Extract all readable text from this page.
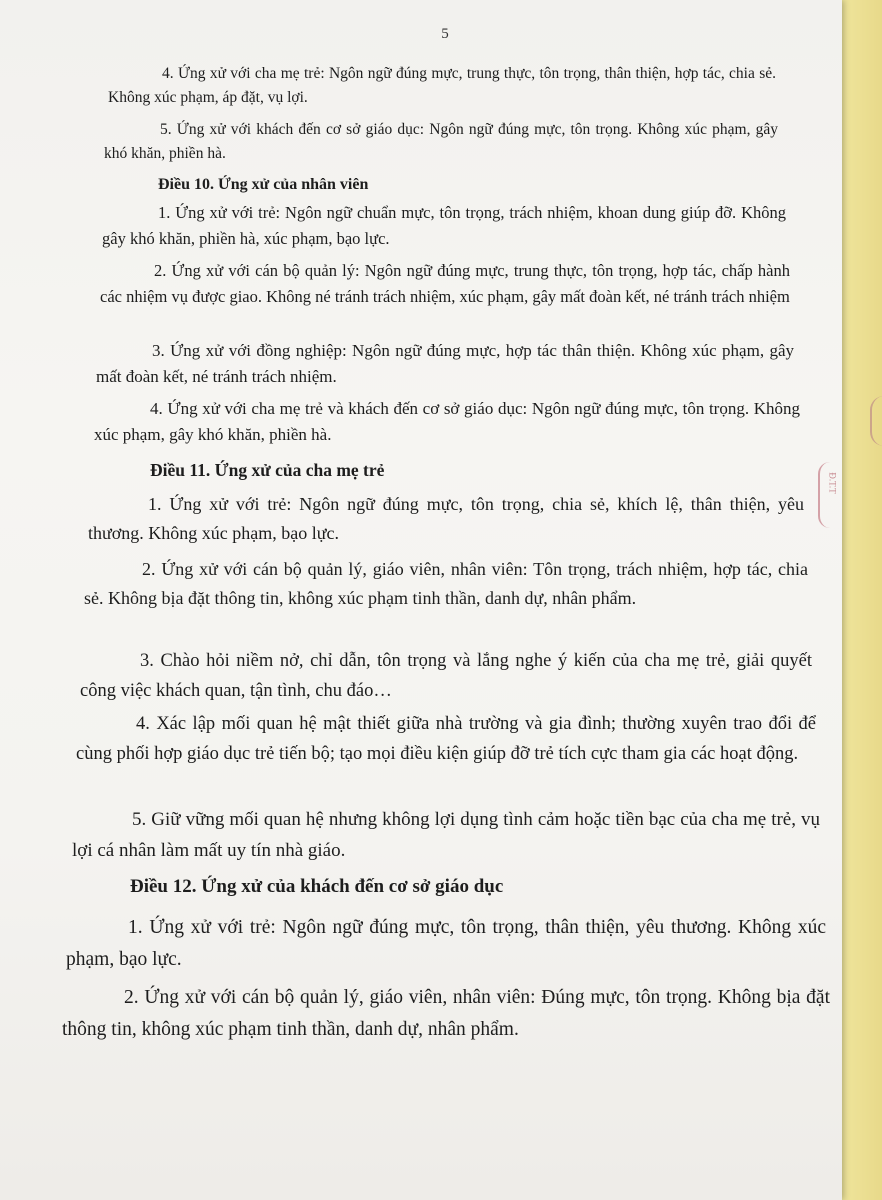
5

4. Ứng xử với cha mẹ trẻ: Ngôn ngữ đúng mực, trung thực, tôn trọng, thân thiện, hợp tác, chia sẻ. Không xúc phạm, áp đặt, vụ lợi.

5. Ứng xử với khách đến cơ sở giáo dục: Ngôn ngữ đúng mực, tôn trọng. Không xúc phạm, gây khó khăn, phiền hà.

Điều 10. Ứng xử của nhân viên

1. Ứng xử với trẻ: Ngôn ngữ chuẩn mực, tôn trọng, trách nhiệm, khoan dung giúp đỡ. Không gây khó khăn, phiền hà, xúc phạm, bạo lực.

2. Ứng xử với cán bộ quản lý: Ngôn ngữ đúng mực, trung thực, tôn trọng, hợp tác, chấp hành các nhiệm vụ được giao. Không né tránh trách nhiệm, xúc phạm, gây mất đoàn kết, né tránh trách nhiệm

3. Ứng xử với đồng nghiệp: Ngôn ngữ đúng mực, hợp tác thân thiện. Không xúc phạm, gây mất đoàn kết, né tránh trách nhiệm.

4. Ứng xử với cha mẹ trẻ và khách đến cơ sở giáo dục: Ngôn ngữ đúng mực, tôn trọng. Không xúc phạm, gây khó khăn, phiền hà.

Điều 11. Ứng xử của cha mẹ trẻ

1. Ứng xử với trẻ: Ngôn ngữ đúng mực, tôn trọng, chia sẻ, khích lệ, thân thiện, yêu thương. Không xúc phạm, bạo lực.

2. Ứng xử với cán bộ quản lý, giáo viên, nhân viên: Tôn trọng, trách nhiệm, hợp tác, chia sẻ. Không bịa đặt thông tin, không xúc phạm tinh thần, danh dự, nhân phẩm.

3. Chào hỏi niềm nở, chỉ dẫn, tôn trọng và lắng nghe ý kiến của cha mẹ trẻ, giải quyết công việc khách quan, tận tình, chu đáo…

4. Xác lập mối quan hệ mật thiết giữa nhà trường và gia đình; thường xuyên trao đổi để cùng phối hợp giáo dục trẻ tiến bộ; tạo mọi điều kiện giúp đỡ trẻ tích cực tham gia các hoạt động.

5. Giữ vững mối quan hệ nhưng không lợi dụng tình cảm hoặc tiền bạc của cha mẹ trẻ, vụ lợi cá nhân làm mất uy tín nhà giáo.

Điều 12. Ứng xử của khách đến cơ sở giáo dục

1. Ứng xử với trẻ: Ngôn ngữ đúng mực, tôn trọng, thân thiện, yêu thương. Không xúc phạm, bạo lực.

2. Ứng xử với cán bộ quản lý, giáo viên, nhân viên: Đúng mực, tôn trọng. Không bịa đặt thông tin, không xúc phạm tinh thần, danh dự, nhân phẩm.

Đ.T.T
